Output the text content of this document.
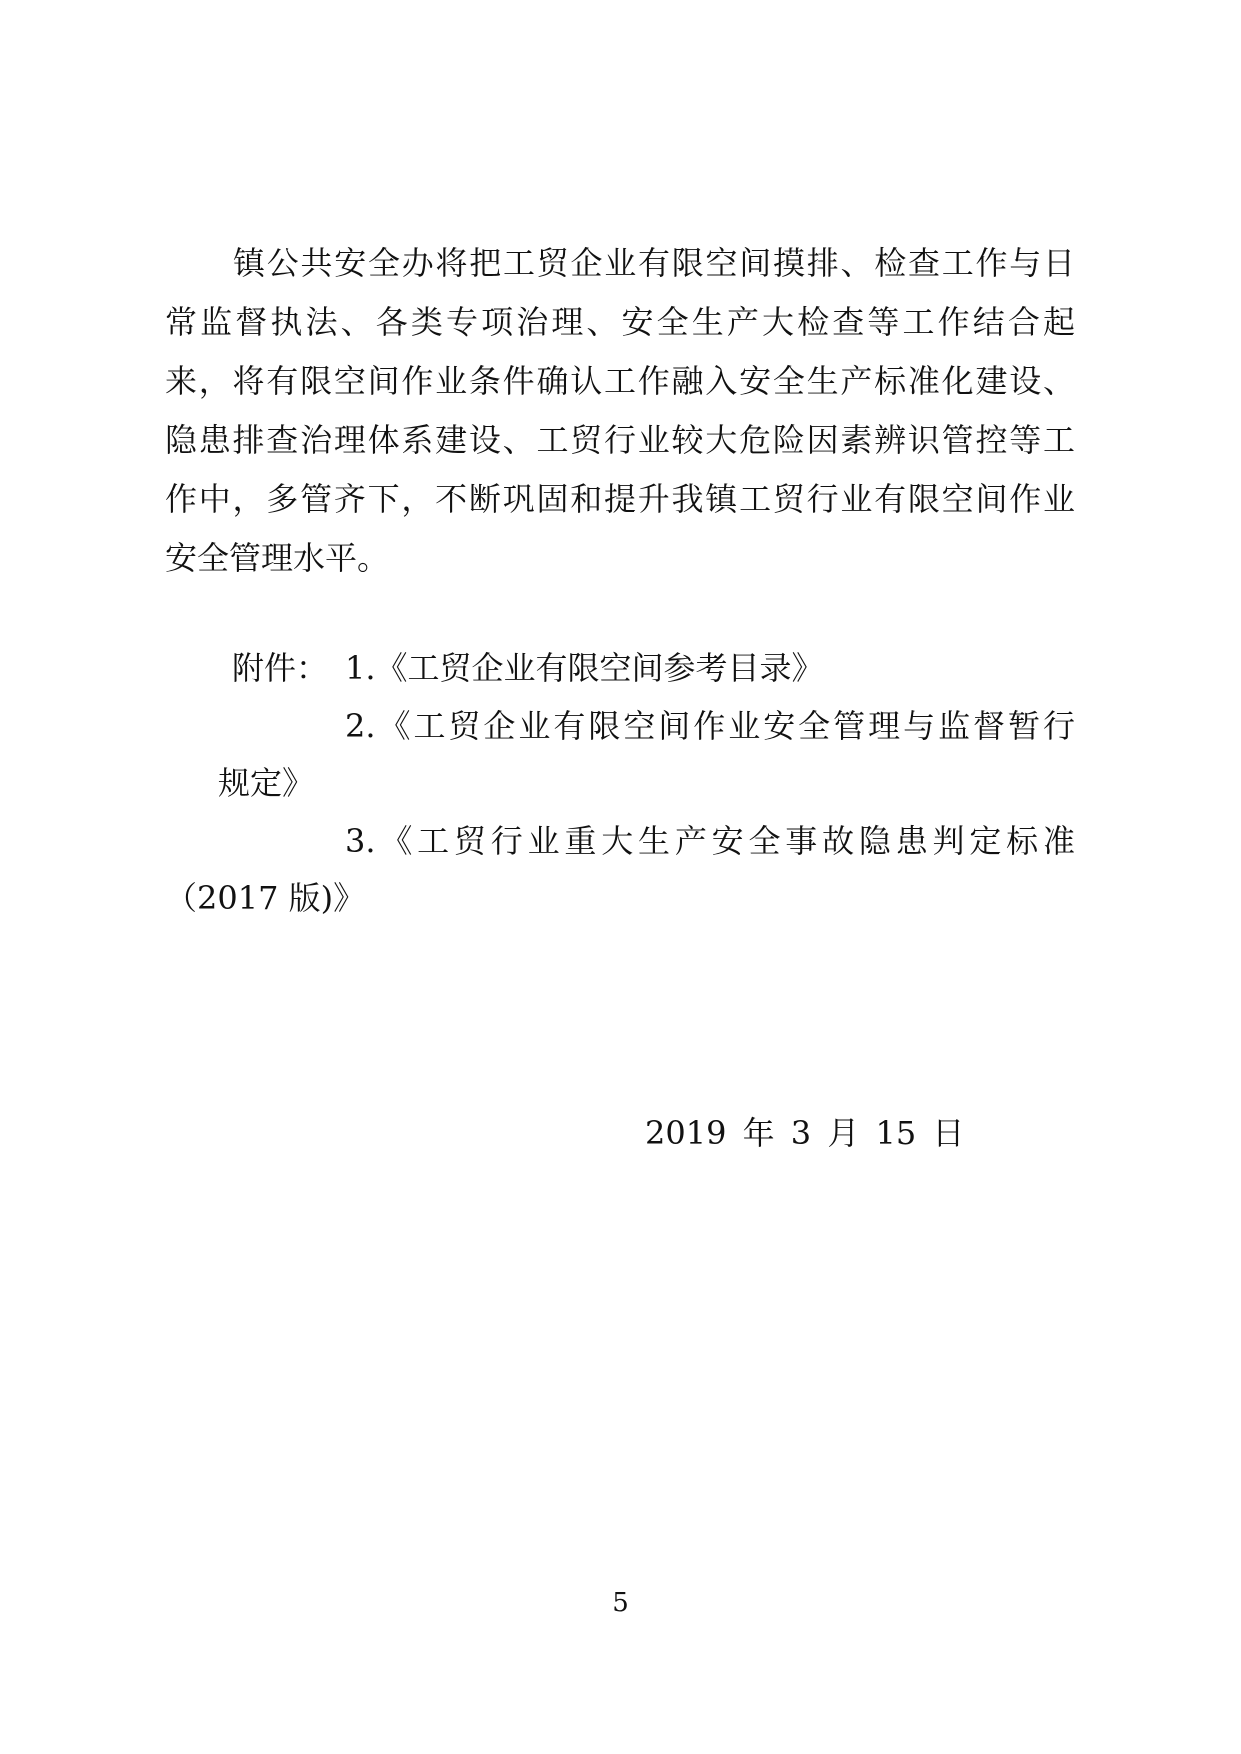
镇公共安全办将把工贸企业有限空间摸排、检查工作与日
常监督执法、各类专项治理、安全生产大检查等工作结合起
来，将有限空间作业条件确认工作融入安全生产标准化建设、
隐患排查治理体系建设、工贸行业较大危险因素辨识管控等工
作中，多管齐下，不断巩固和提升我镇工贸行业有限空间作业
安全管理水平。
附件： 1.《工贸企业有限空间参考目录》
2.《工贸企业有限空间作业安全管理与监督暂行
规定》
3.《工贸行业重大生产安全事故隐患判定标准
（2017 版)》
2019 年 3 月 15 日
5
